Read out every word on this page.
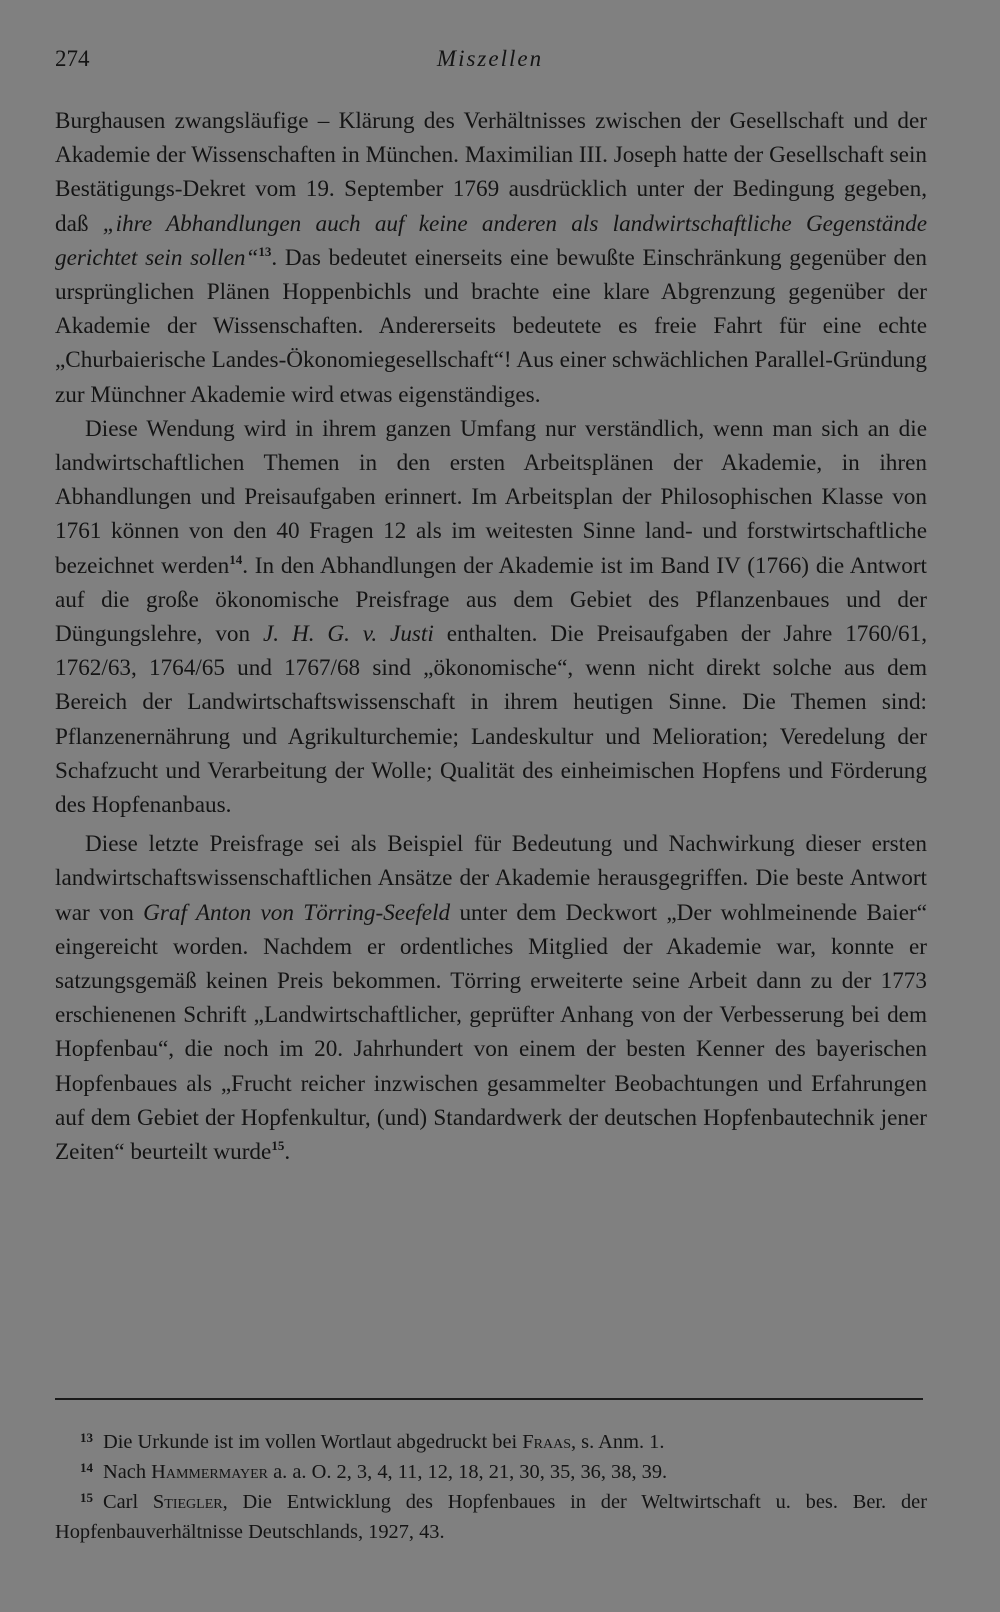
274	Miszellen

Burghausen zwangsläufige – Klärung des Verhältnisses zwischen der Gesellschaft und der Akademie der Wissenschaften in München. Maximilian III. Joseph hatte der Gesellschaft sein Bestätigungs-Dekret vom 19. September 1769 ausdrücklich unter der Bedingung gegeben, daß „ihre Abhandlungen auch auf keine anderen als landwirtschaftliche Gegenstände gerichtet sein sollen“$^{13}$. Das bedeutet einerseits eine bewußte Einschränkung gegenüber den ursprünglichen Plänen Hoppenbichls und brachte eine klare Abgrenzung gegenüber der Akademie der Wissenschaften. Andererseits bedeutete es freie Fahrt für eine echte „Churbaierische Landes-Ökonomiegesellschaft“! Aus einer schwächlichen Parallel-Gründung zur Münchner Akademie wird etwas eigenständiges.

Diese Wendung wird in ihrem ganzen Umfang nur verständlich, wenn man sich an die landwirtschaftlichen Themen in den ersten Arbeitsplänen der Akademie, in ihren Abhandlungen und Preisaufgaben erinnert. Im Arbeitsplan der Philosophischen Klasse von 1761 können von den 40 Fragen 12 als im weitesten Sinne land- und forstwirtschaftliche bezeichnet werden$^{14}$. In den Abhandlungen der Akademie ist im Band IV (1766) die Antwort auf die große ökonomische Preisfrage aus dem Gebiet des Pflanzenbaues und der Düngungslehre, von J. H. G. v. Justi enthalten. Die Preisaufgaben der Jahre 1760/61, 1762/63, 1764/65 und 1767/68 sind „ökonomische“, wenn nicht direkt solche aus dem Bereich der Landwirtschaftswissenschaft in ihrem heutigen Sinne. Die Themen sind: Pflanzenernährung und Agrikulturchemie; Landeskultur und Melioration; Veredelung der Schafzucht und Verarbeitung der Wolle; Qualität des einheimischen Hopfens und Förderung des Hopfenanbaus.

Diese letzte Preisfrage sei als Beispiel für Bedeutung und Nachwirkung dieser ersten landwirtschaftswissenschaftlichen Ansätze der Akademie herausgegriffen. Die beste Antwort war von Graf Anton von Törring-Seefeld unter dem Deckwort „Der wohlmeinende Baier“ eingereicht worden. Nachdem er ordentliches Mitglied der Akademie war, konnte er satzungsgemäß keinen Preis bekommen. Törring erweiterte seine Arbeit dann zu der 1773 erschienenen Schrift „Landwirtschaftlicher, geprüfter Anhang von der Verbesserung bei dem Hopfenbau“, die noch im 20. Jahrhundert von einem der besten Kenner des bayerischen Hopfenbaues als „Frucht reicher inzwischen gesammelter Beobachtungen und Erfahrungen auf dem Gebiet der Hopfenkultur, (und) Standardwerk der deutschen Hopfenbautechnik jener Zeiten“ beurteilt wurde$^{15}$.

$^{13}$ Die Urkunde ist im vollen Wortlaut abgedruckt bei Fraas, s. Anm. 1.

$^{14}$ Nach Hammermayer a. a. O. 2, 3, 4, 11, 12, 18, 21, 30, 35, 36, 38, 39.

$^{15}$ Carl Stiegler, Die Entwicklung des Hopfenbaues in der Weltwirtschaft u. bes. Ber. der Hopfenbauverhältnisse Deutschlands, 1927, 43.
